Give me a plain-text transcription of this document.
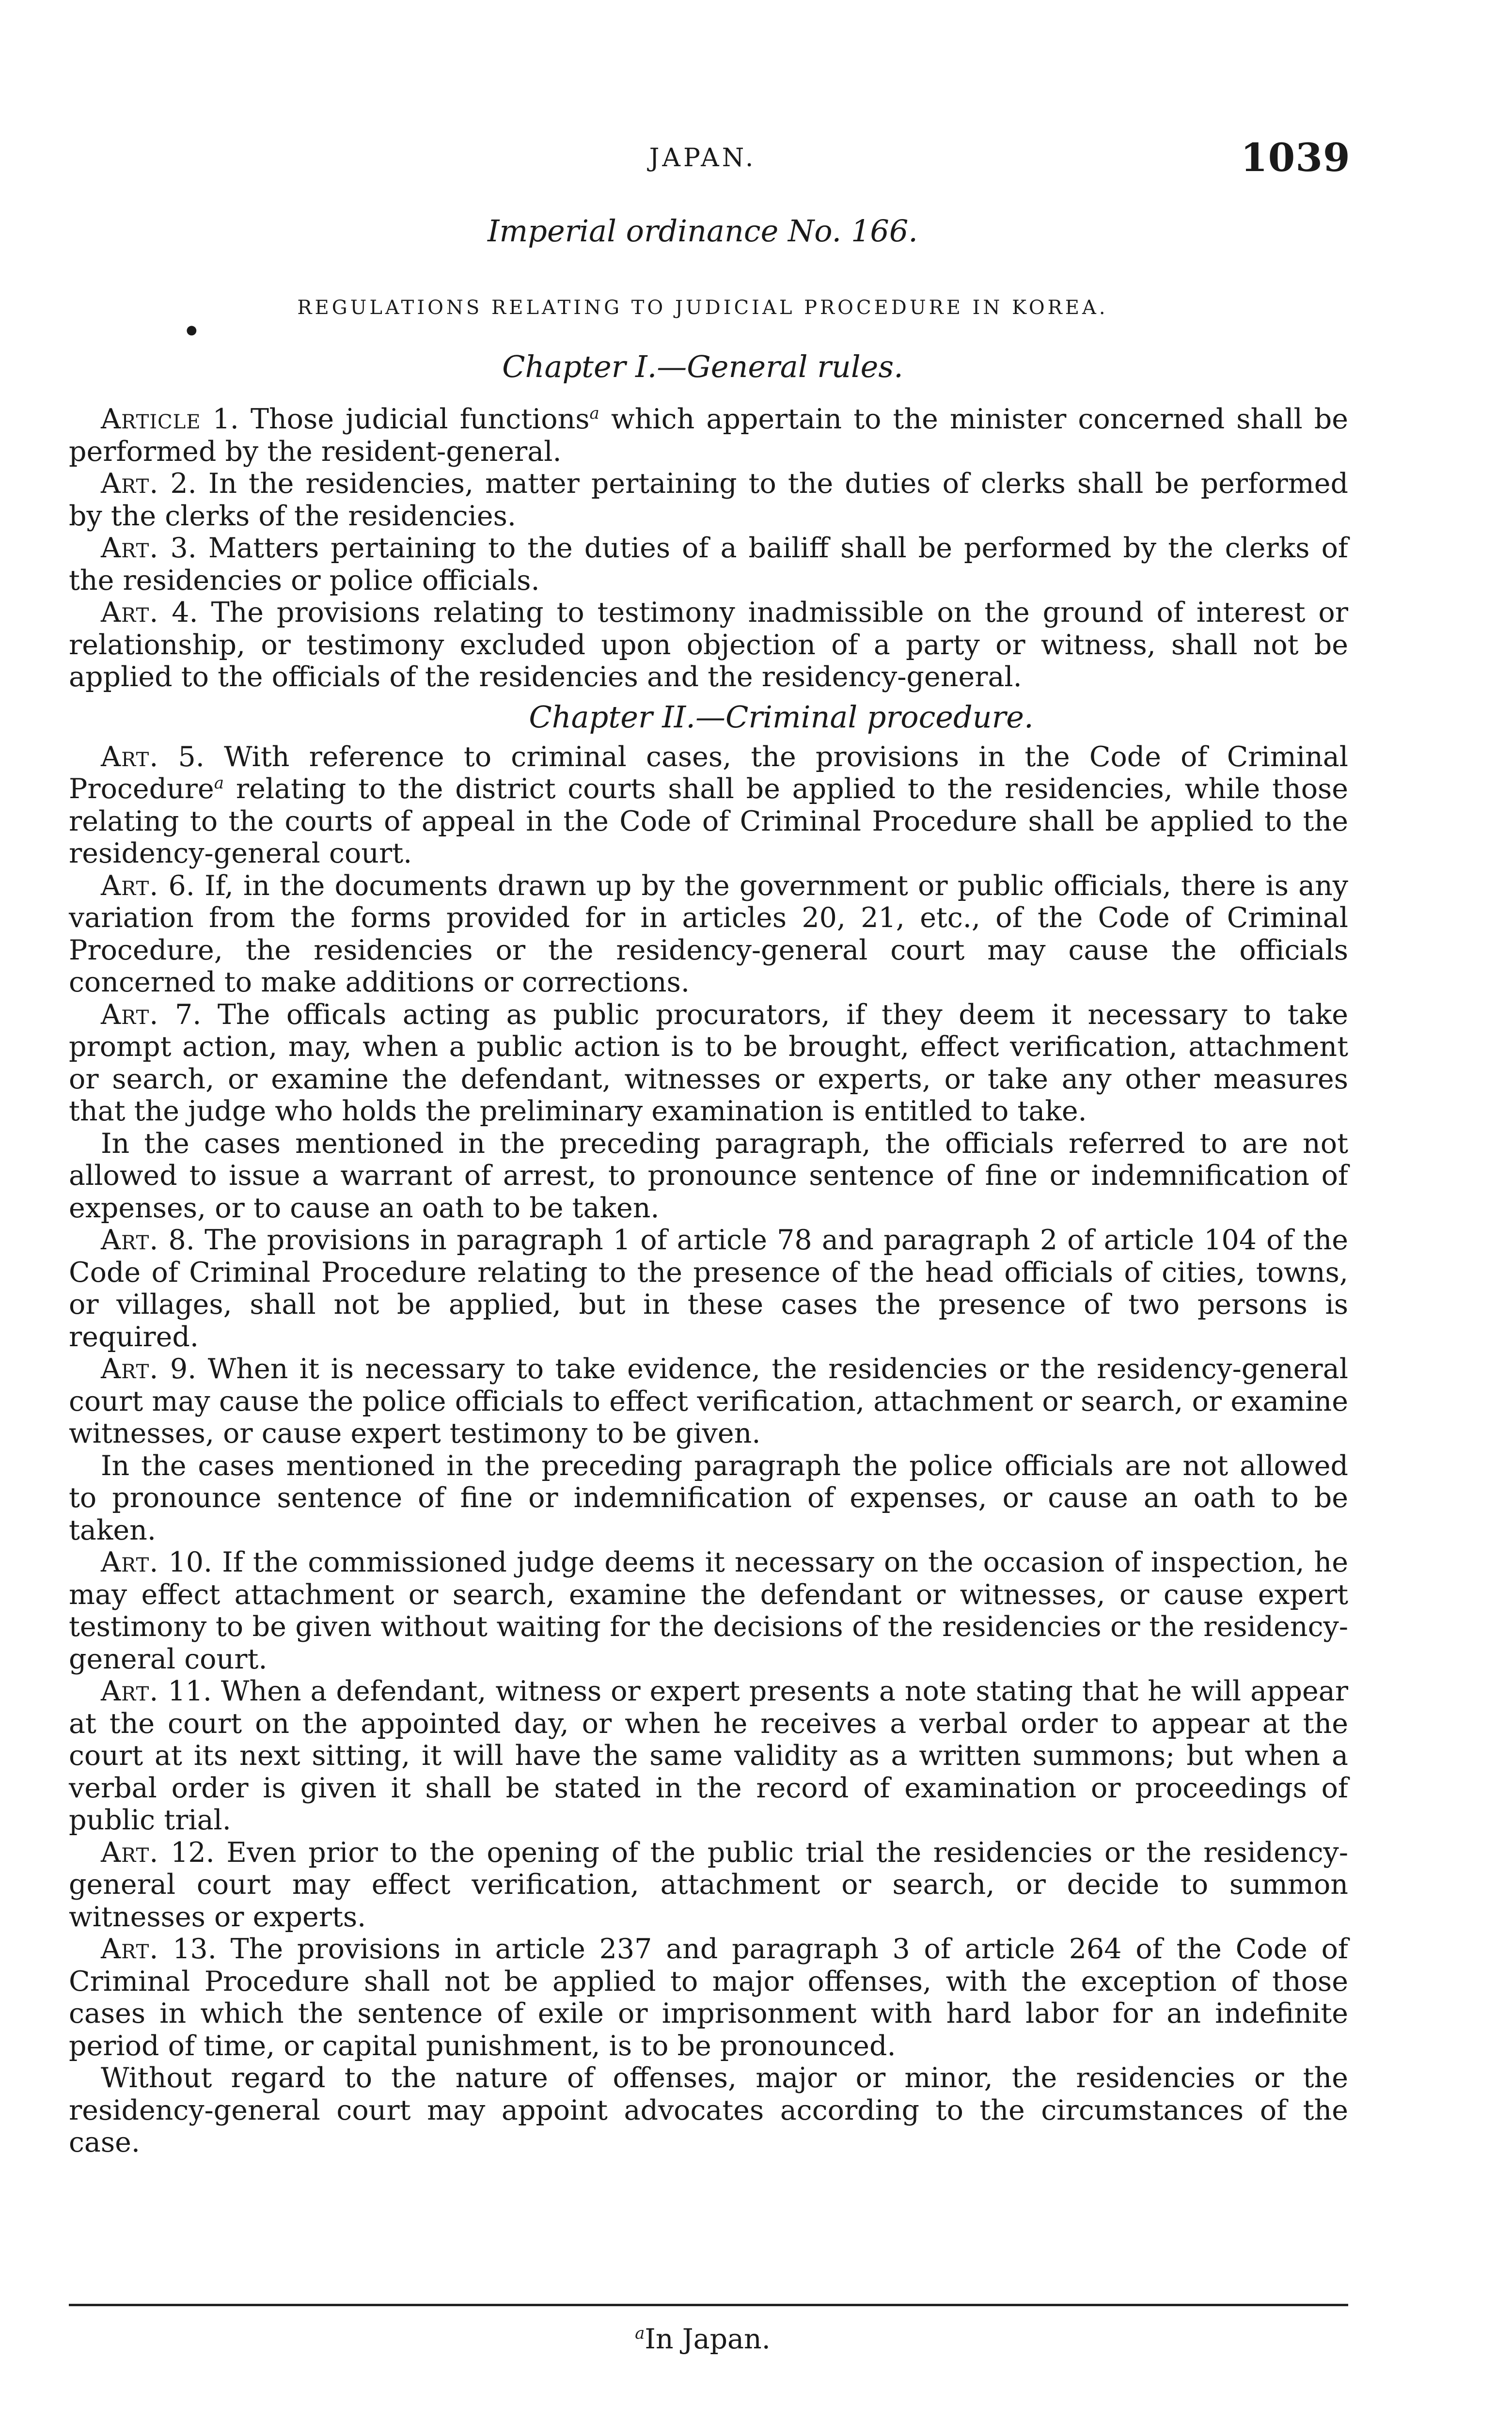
JAPAN.	1039
Imperial ordinance No. 166.
REGULATIONS RELATING TO JUDICIAL PROCEDURE IN KOREA.
●
Chapter I.—General rules.

Article 1. Those judicial functions$^a$ which appertain to the minister concerned shall be performed by the resident-general.

Art. 2. In the residencies, matter pertaining to the duties of clerks shall be performed by the clerks of the residencies.

Art. 3. Matters pertaining to the duties of a bailiff shall be performed by the clerks of the residencies or police officials.

Art. 4. The provisions relating to testimony inadmissible on the ground of interest or relationship, or testimony excluded upon objection of a party or witness, shall not be applied to the officials of the residencies and the residency-general.

Chapter II.—Criminal procedure.

Art. 5. With reference to criminal cases, the provisions in the Code of Criminal Procedure$^a$ relating to the district courts shall be applied to the residencies, while those relating to the courts of appeal in the Code of Criminal Procedure shall be applied to the residency-general court.

Art. 6. If, in the documents drawn up by the government or public officials, there is any variation from the forms provided for in articles 20, 21, etc., of the Code of Criminal Procedure, the residencies or the residency-general court may cause the officials concerned to make additions or corrections.

Art. 7. The officals acting as public procurators, if they deem it necessary to take prompt action, may, when a public action is to be brought, effect verification, attachment or search, or examine the defendant, witnesses or experts, or take any other measures that the judge who holds the preliminary examination is entitled to take.

In the cases mentioned in the preceding paragraph, the officials referred to are not allowed to issue a warrant of arrest, to pronounce sentence of fine or indemnification of expenses, or to cause an oath to be taken.

Art. 8. The provisions in paragraph 1 of article 78 and paragraph 2 of article 104 of the Code of Criminal Procedure relating to the presence of the head officials of cities, towns, or villages, shall not be applied, but in these cases the presence of two persons is required.

Art. 9. When it is necessary to take evidence, the residencies or the residency-general court may cause the police officials to effect verification, attachment or search, or examine witnesses, or cause expert testimony to be given.

In the cases mentioned in the preceding paragraph the police officials are not allowed to pronounce sentence of fine or indemnification of expenses, or cause an oath to be taken.

Art. 10. If the commissioned judge deems it necessary on the occasion of inspection, he may effect attachment or search, examine the defendant or witnesses, or cause expert testimony to be given without waiting for the decisions of the residencies or the residency-general court.

Art. 11. When a defendant, witness or expert presents a note stating that he will appear at the court on the appointed day, or when he receives a verbal order to appear at the court at its next sitting, it will have the same validity as a written summons; but when a verbal order is given it shall be stated in the record of examination or proceedings of public trial.

Art. 12. Even prior to the opening of the public trial the residencies or the residency-general court may effect verification, attachment or search, or decide to summon witnesses or experts.

Art. 13. The provisions in article 237 and paragraph 3 of article 264 of the Code of Criminal Procedure shall not be applied to major offenses, with the exception of those cases in which the sentence of exile or imprisonment with hard labor for an indefinite period of time, or capital punishment, is to be pronounced.

Without regard to the nature of offenses, major or minor, the residencies or the residency-general court may appoint advocates according to the circumstances of the case.

$^a$In Japan.
